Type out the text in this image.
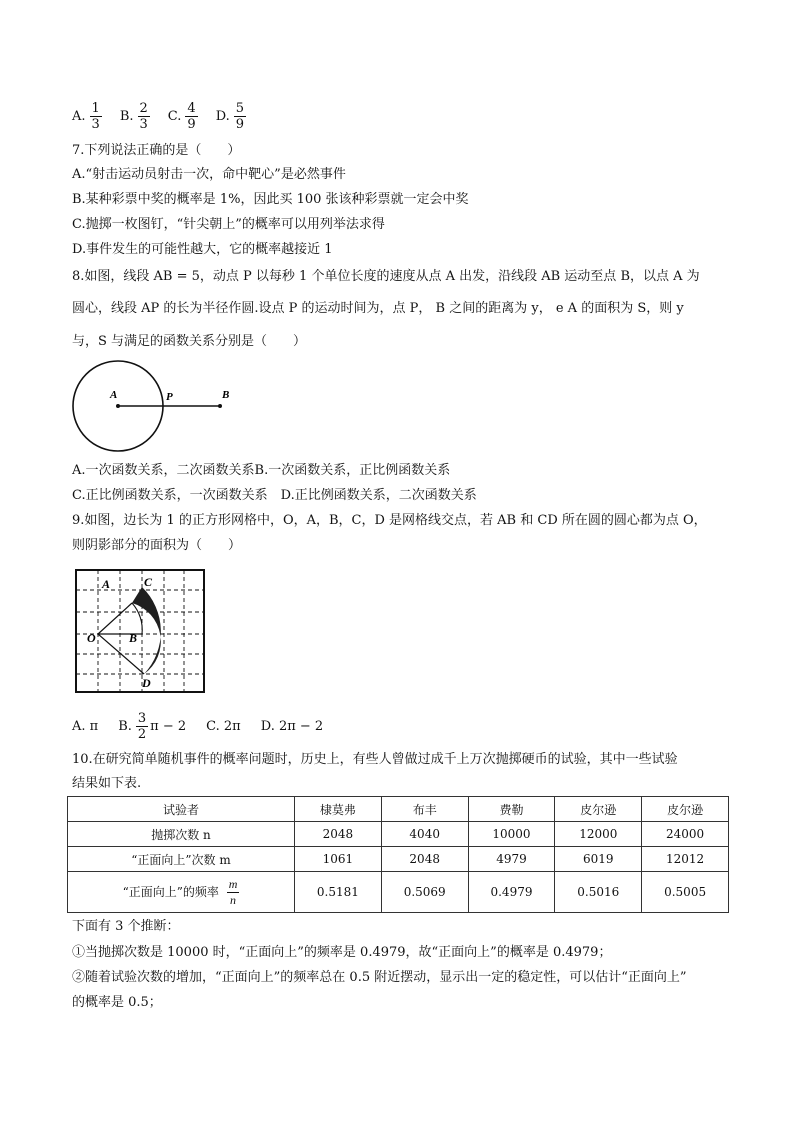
A. $\frac{1}{3} B$. $\frac{2}{3} C$. $\frac{4}{9} D$. $\frac{5}{9}$
7.下列说法正确的是（　　）
A.“射击运动员射击一次，命中靶心”是必然事件
B.某种彩票中奖的概率是 1%，因此买 100 张该种彩票就一定会中奖
C.抛掷一枚图钉，“针尖朝上”的概率可以用列举法求得
D.事件发生的可能性越大，它的概率越接近 1
8.如图，线段 AB = 5，动点 P 以每秒 1 个单位长度的速度从点 A 出发，沿线段 AB 运动至点 B，以点 A 为
圆心，线段 AP 的长为半径作圆.设点 P 的运动时间为，点 P， B 之间的距离为 y， e A 的面积为 S，则 y
与，S 与满足的函数关系分别是（　　）
A	P	B
A.一次函数关系，二次函数关系B.一次函数关系，正比例函数关系
C.正比例函数关系，一次函数关系　D.正比例函数关系，二次函数关系
9.如图，边长为 1 的正方形网格中，O，A，B，C，D 是网格线交点，若 AB 和 CD 所在圆的圆心都为点 O，
则阴影部分的面积为（　　）
A	C
O	B
D
A. π B. $\frac{3}{2}$ π − 2 C. 2π D. 2π − 2
10.在研究简单随机事件的概率问题时，历史上，有些人曾做过成千上万次抛掷硬币的试验，其中一些试验
结果如下表.
试验者	棣莫弗	布丰	费勒	皮尔逊	皮尔逊
抛掷次数 n	2048	4040	10000	12000	24000
“正面向上”次数 m	1061	2048	4979	6019	12012
“正面向上”的频率 $\frac{m}{n}$	0.5181	0.5069	0.4979	0.5016	0.5005
下面有 3 个推断：
①当抛掷次数是 10000 时，“正面向上”的频率是 0.4979，故“正面向上”的概率是 0.4979；
②随着试验次数的增加，“正面向上”的频率总在 0.5 附近摆动，显示出一定的稳定性，可以估计“正面向上”
的概率是 0.5；
